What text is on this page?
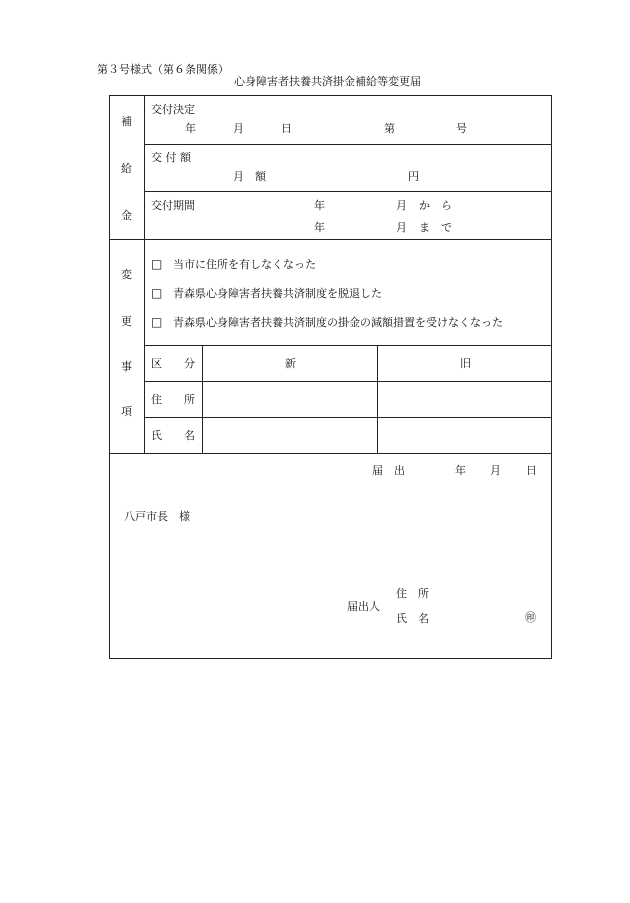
第３号様式（第６条関係）
心身障害者扶養共済掛金補給等変更届
補
給
金
変
更
事
項
交付決定
年	月	日	第	号
交 付 額
月　額	円
交付期間	年	月 か　ら
年	月 ま　で
□ 当市に住所を有しなくなった
□ 青森県心身障害者扶養共済制度を脱退した
□ 青森県心身障害者扶養共済制度の掛金の減額措置を受けなくなった
区　　分	新	旧
住　　所
氏　　名
届　出	年 月 日
八戸市長　様
届出人
住　所
氏　名	㊞
